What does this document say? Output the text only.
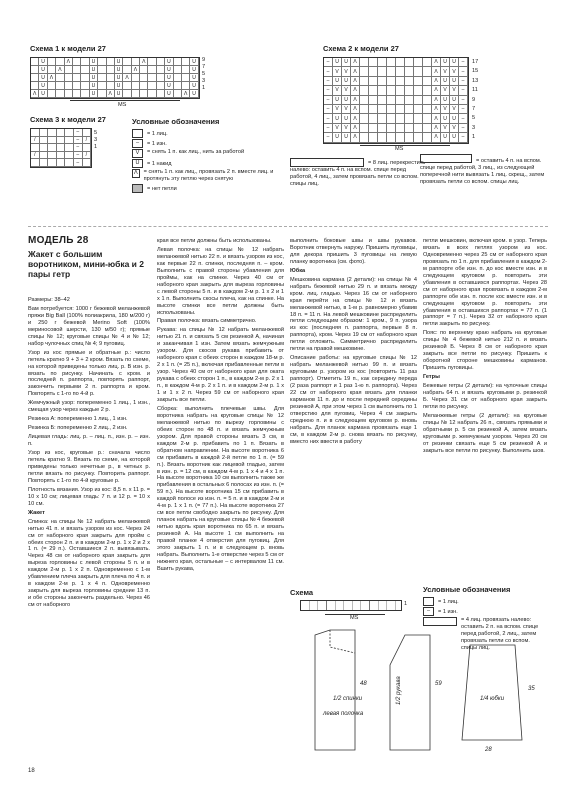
Схема 1 к модели 27
U	Λ	U	U	Λ	U	U
U	Λ	U	U	Λ	U	U
U Λ	U	U Λ	U	U
U	U	U	U	U
Λ U	U	Λ U	U	Λ U
9
7
5
3
1
MS
Схема 3 к модели 27
–
/	–	/
–
/	–	/
–
5
3
1
Условные обозначения
= 1 лиц.
– = 1 изн.
V	= снять 1 п. как лиц., нить за работой
U = 1 накид
Λ	= снять 1 п. как лиц., провязать 2 п. вместе лиц. и протянуть эту петлю через снятую
= нет петли
Схема 2 к модели 27
–	U	U	Λ	Λ	U	U	–
–	V	V	Λ	Λ	V	V	–
–	U	U	Λ	Λ	U	U	–
–	V	V	Λ	Λ	V	V	–
–	U	U	Λ	Λ	U	U	–
–	V	V	Λ	Λ	V	V	–
–	U	U	Λ	Λ	U	U	–
–	V	V	Λ	Λ	V	V	–
–	U	U	Λ	Λ	U	U	–
17
15
13
11
9
7
5
3
1
MS
= 8 лиц. перекрестить налево: оставить 4 п. на вспом. спице перед работой, 4 лиц., затем провязать петли со вспом. спицы лиц.
= оставить 4 п. на вспом. спице перед работой, 3 лиц., из следующей поперечной нити вывязать 1 лиц. скрещ., затем провязать петли со вспом. спицы лиц.
МОДЕЛЬ 28
Жакет с большим воротником, мини-юбка и 2 пары гетр

Размеры: 38–42

Вам потребуется: 1000 г бежевой меланжевой пряжи Big Ball (100% полиакрила, 180 м/200 г) и 250 г бежевой Merino Soft (100% мериносовой шерсти, 130 м/50 г); прямые спицы № 12; круговые спицы № 4 и № 12; набор чулочных спиц № 4; 9 пуговиц.

Узор из кос прямые и обратные р.: число петель кратно 9 + 3 + 2 кром. Вязать по схеме, на которой приведены только лиц. р. В изн. р. вязать по рисунку. Начинать с кром. и последней п. раппорта, повторять раппорт, закончить первыми 2 п. раппорта и кром. Повторять с 1-го по 4-й р.

Жемчужный узор: попеременно 1 лиц., 1 изн., смещая узор через каждые 2 р.

Резинка А: попеременно 1 лиц., 1 изн.

Резинка Б: попеременно 2 лиц., 2 изн.

Лицевая гладь: лиц. р. – лиц. п., изн. р. – изн. п.

Узор из кос, круговые р.: сначала число петель кратно 9. Вязать по схеме, на которой приведены только нечетные р., в четных р. петли вязать по рисунку. Повторить раппорт. Повторять с 1-го по 4-й круговые р.

Плотность вязания. Узор из кос: 8,5 п. х 11 р. = 10 х 10 см; лицевая гладь: 7 п. и 12 р. = 10 х 10 см.

Жакет

Спинка: на спицы № 12 набрать меланжевой нитью 41 п. и вязать узором из кос. Через 24 см от наборного края закрыть для пройм с обеих сторон 2 п. и в каждом 2-м р. 1 х 2 и 2 х 1 п. (= 29 п.). Оставшиеся 2 п. вывязывать. Через 48 см от наборного края закрыть для выреза горловины с левой стороны 5 п. и в каждом 2-м р. 1 х 2 п. Одновременно с 1-м убавлением плеча закрыть для плеча по 4 п. и в каждом 2-м р. 1 х 4 п. Одновременно закрыть для выреза горловины средние 13 п. и обе стороны закончить раздельно. Через 46 см от наборного

края все петли должны быть использованы.

Левая полочка: на спицы № 12 набрать меланжевой нитью 22 п. и вязать узором из кос, как первые 22 п. спинки, последняя п. – кром. Выполнить с правой стороны убавления для проймы, как на спинке. Через 40 см от наборного края закрыть для выреза горловины с левой стороны 5 п. и в каждом 2-м р. 1 х 2 и 1 х 1 п. Выполнить скосы плеча, как на спинке. На высоте спинки все петли должны быть использованы.

Правая полочка: вязать симметрично.

Рукава: на спицы № 12 набрать меланжевой нитью 21 п. и связать 5 см резинкой А, начиная и заканчивая 1 изн. Затем вязать жемчужным узором. Для скосов рукава прибавить от наборного края с обеих сторон в каждом 18-м р. 2 х 1 п. (= 25 п.), включая прибавленные петли в узор. Через 40 см от наборного края для оката рукава с обеих сторон 1 п., в каждом 2-м р. 2 х 1 п., в каждом 4-м р. 2 х 1 п. и в каждом 2-м р. 1 х 1 и 1 х 2 п. Через 59 см от наборного края закрыть все петли.

Сборка: выполнить плечевые швы. Для воротника набрать на круговые спицы № 12 меланжевой нитью по вырезу горловины с обеих сторон по 48 п. и вязать жемчужным узором. Для правой стороны вязать 3 см, в каждом 2-м р. прибавить по 1 п. Вязать в обратном направлении. На высоте воротника 6 см прибавить в каждой 2-й петле по 1 п. (= 59 п.). Вязать воротник как лицевой гладью, затем в изн. р. = 12 см, в каждом 4-м р. 1 х 4 и 4 х 1 п. На высоте воротника 10 см выполнить также же прибавления в остальных 6 полосах из изн. п. (= 59 п.). На высоте воротника 15 см прибавить в каждой полосе из изн. п. = 5 п. и в каждом 2-м и 4-м р. 1 х 1 п. (= 77 п.). На высоте воротника 27 см все петли свободно закрыть по рисунку. Для планок набрать на круговые спицы № 4 бежевой нитью вдоль края воротника по 65 п. и вязать резинкой А. На высоте 1 см выполнить на правой планке 4 отверстия для пуговиц. Для этого закрыть 1 п. и в следующем р. вновь набрать. Выполнить 1-е отверстие через 5 см от нижнего края, остальные – с интервалом 11 см. Вшить рукава,

выполнить боковые швы и швы рукавов. Воротник отвернуть наружу. Пришить пуговицы, для декора пришить 3 пуговицы на левую планку воротника (см. фото).

Юбка

Мешковина кармана (2 детали): на спицы № 4 набрать бежевой нитью 29 п. и вязать между кром. лиц. гладью. Через 16 см от наборного края перейти на спицы № 12 и вязать меланжевой нитью, в 1-м р. равномерно убавив 18 п. = 11 п. На левой мешковине распределить петли следующим образом: 1 кром., 9 п. узора из кос (последняя п. раппорта, первые 8 п. раппорта), кром. Через 19 см от наборного края петли отложить. Симметрично распределить петли на правой мешковине.

Описание работы: на круговые спицы № 12 набрать меланжевой нитью 99 п. и вязать круговыми р. узором из кос (повторить 11 раз раппорт). Отметить 19 п., как середину переда (2 раза раппорт и 1 раз 1-ю п. раппорта). Через 22 см от наборного края вязать для планки карманов 11 п. до и после передней середины резинкой А, при этом через 1 см выполнить по 1 отверстию для пуговиц. Через 4 см закрыть среднюю п. и в следующем круговом р. вновь набрать. Для планок кармана провязать еще 1 см, в каждом 2-м р. снова вязать по рисунку, вместо них ввести в работу

петли мешковин, включая кром. в узор. Теперь вязать в всех петлях узором из кос. Одновременно через 25 см от наборного края провязать по 1 п. для прибавления в каждом 2-м раппорте обе изн. п. до кос вместе изн. и в следующем круговом р. повторить эти убавления в оставшихся раппортах. Через 28 см от наборного края провязать в каждом 2-м раппорте обе изн. п. после кос вместе изн. и в следующем круговом р. повторить эти убавления в оставшихся раппортах = 77 п. (1 раппорт = 7 п.). Через 32 от наборного края петли закрыть по рисунку.

Пояс: по верхнему краю набрать на круговые спицы № 4 бежевой нитью 212 п. и вязать резинкой Б. Через 8 см от наборного края закрыть все петли по рисунку. Пришить к оборотной стороне мешковины карманов. Пришить пуговицы.

Гетры

Бежевые гетры (2 детали): на чулочные спицы набрать 64 п. и вязать круговыми р. резинкой Б. Через 31 см от наборного края закрыть петли по рисунку.

Меланжевые гетры (2 детали): на круговые спицы № 12 набрать 26 п., связать прямыми и обратными р. 5 см резинкой А, затем вязать круговыми р. жемчужным узором. Через 20 см от резинки связать еще 5 см резинкой А и закрыть все петли по рисунку. Выполнить шов.

Условные обозначения
= 1 лиц.
– = 1 изн.
= 4 лиц. провязать налево: оставить 2 п. на вспом. спице перед работой, 2 лиц., затем провязать петли со вспом. спицы лиц.
Схема
1
MS
1/2 спинки
левая полочка
1/2 рукава	1/4 юбки
48	59
35
28
18
